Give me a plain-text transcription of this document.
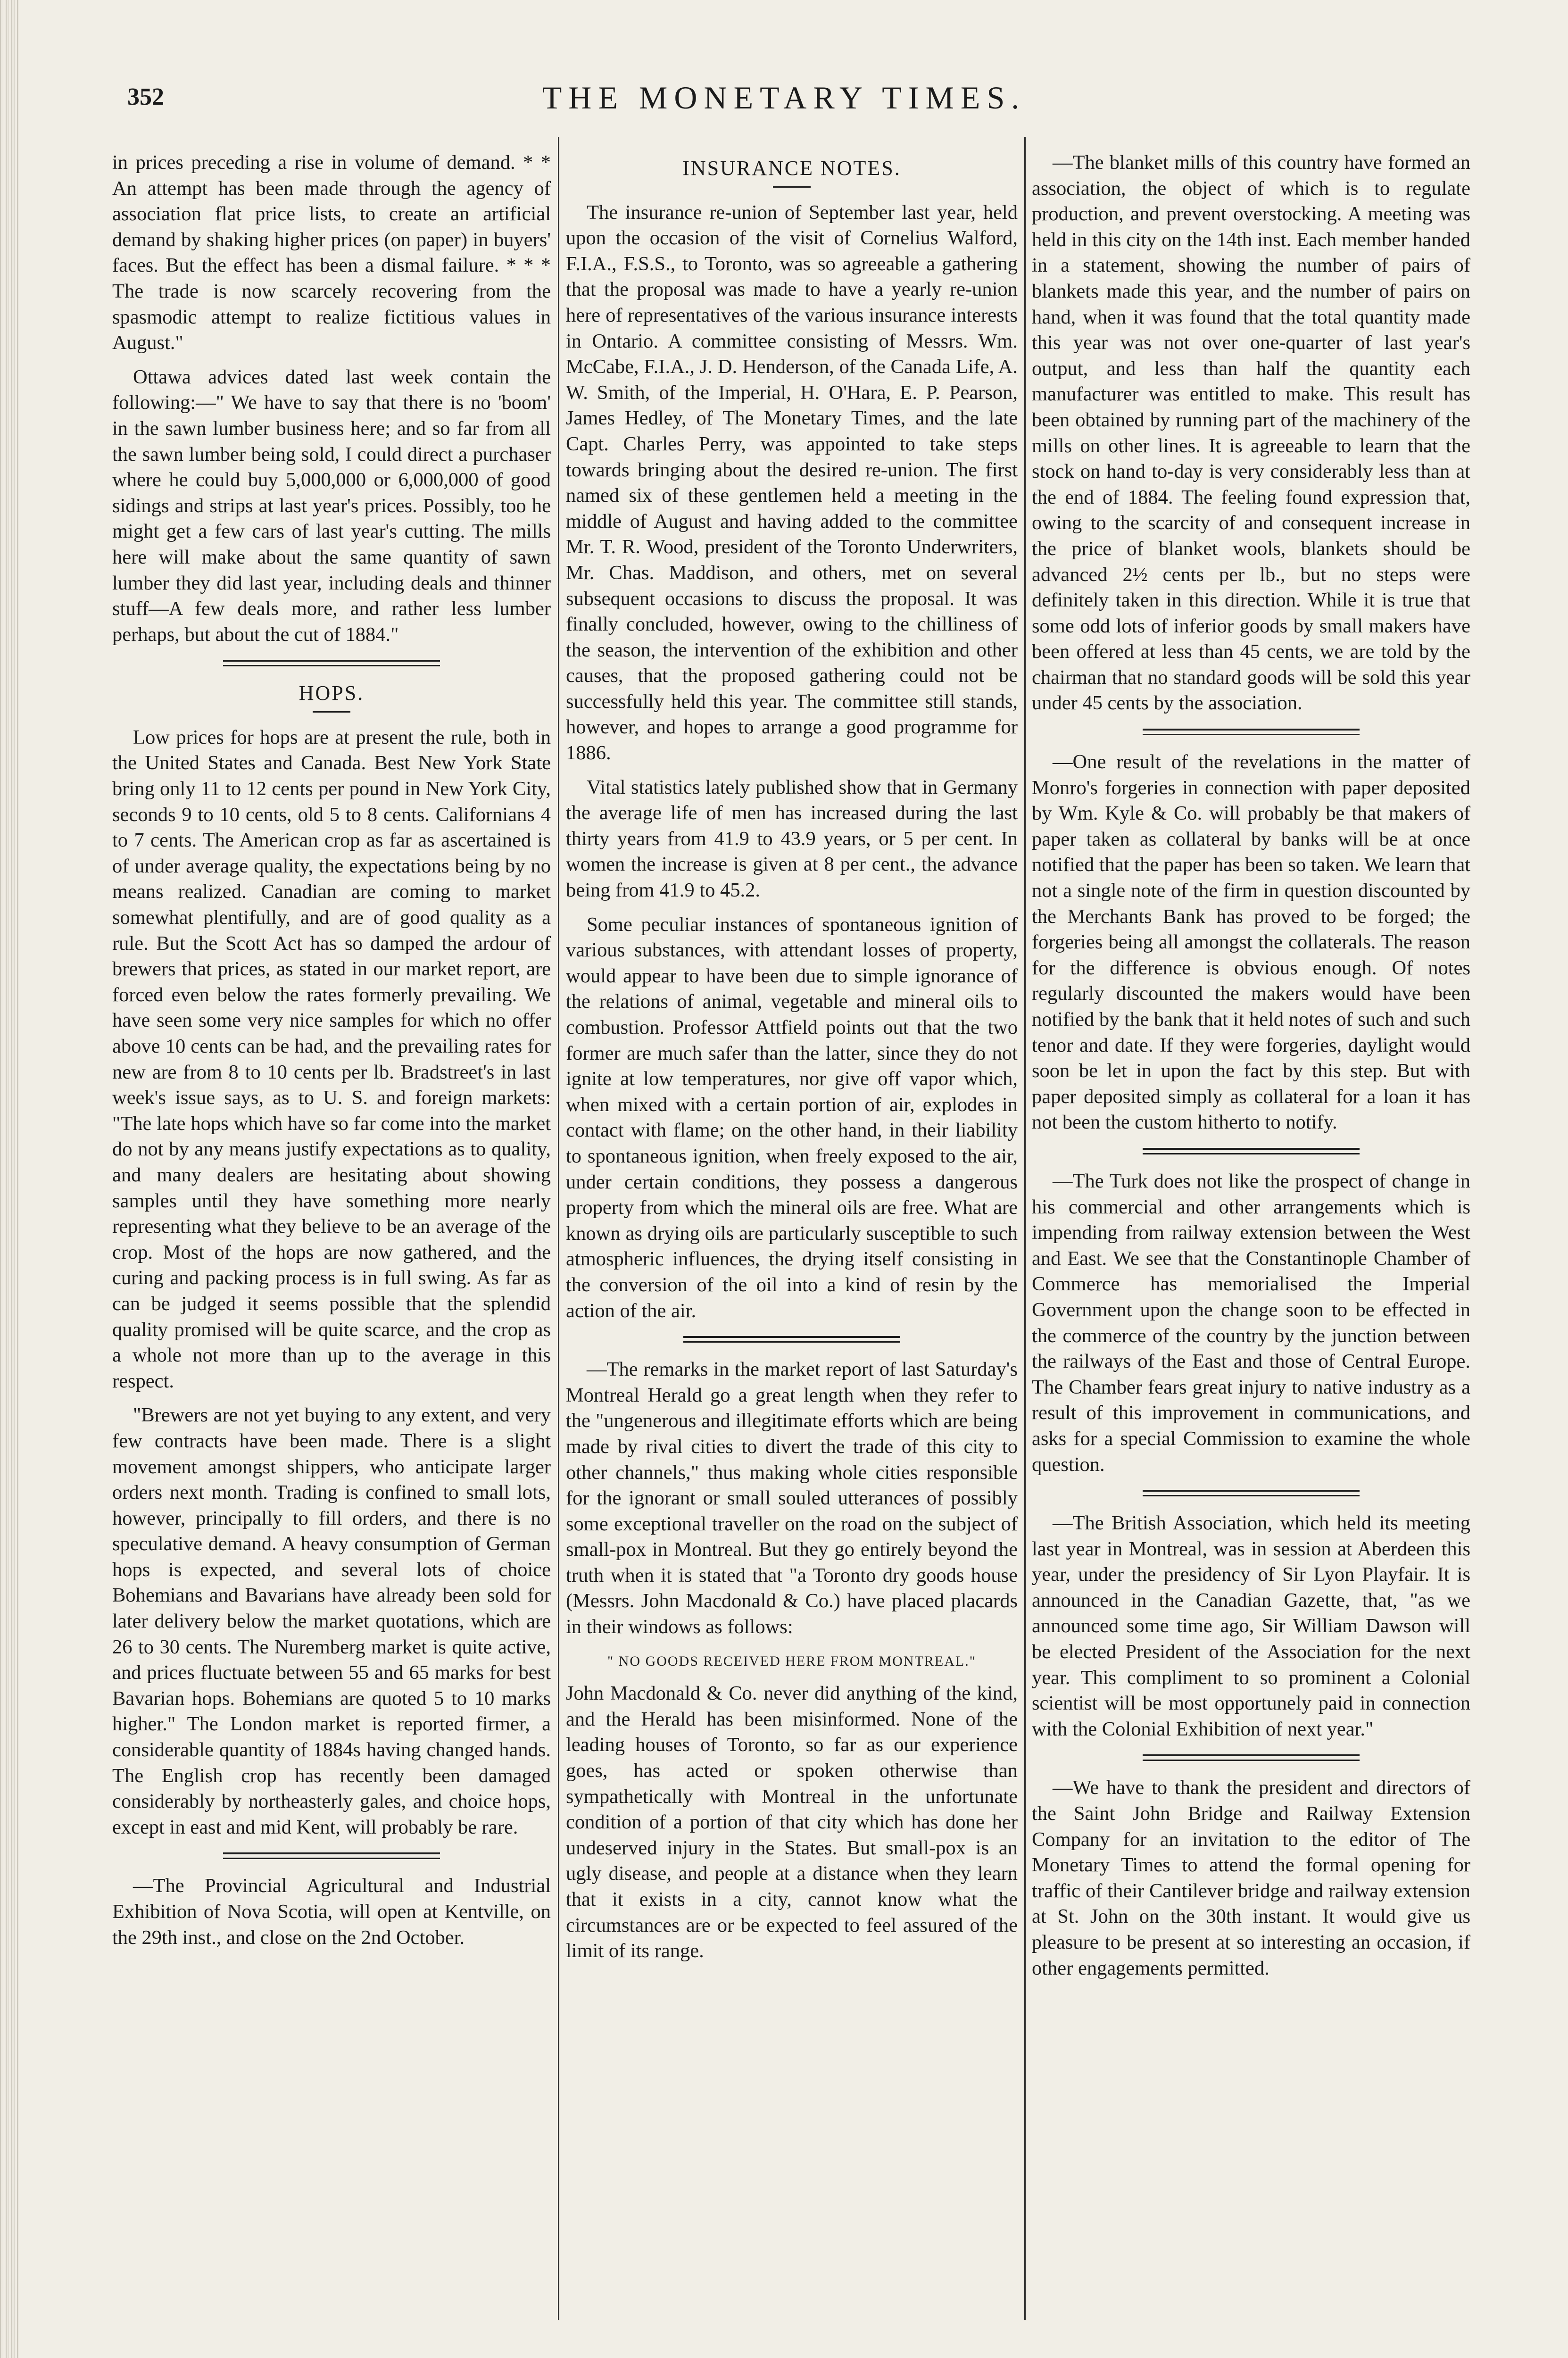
352	THE MONETARY TIMES.

in prices preceding a rise in volume of demand. * * An attempt has been made through the agency of association flat price lists, to create an artificial demand by shaking higher prices (on paper) in buyers' faces. But the effect has been a dismal failure. * * * The trade is now scarcely recovering from the spasmodic attempt to realize fictitious values in August."

Ottawa advices dated last week contain the following:—" We have to say that there is no 'boom' in the sawn lumber business here; and so far from all the sawn lumber being sold, I could direct a purchaser where he could buy 5,000,000 or 6,000,000 of good sidings and strips at last year's prices. Possibly, too he might get a few cars of last year's cutting. The mills here will make about the same quantity of sawn lumber they did last year, including deals and thinner stuff—A few deals more, and rather less lumber perhaps, but about the cut of 1884."

HOPS.

Low prices for hops are at present the rule, both in the United States and Canada. Best New York State bring only 11 to 12 cents per pound in New York City, seconds 9 to 10 cents, old 5 to 8 cents. Californians 4 to 7 cents. The American crop as far as ascertained is of under average quality, the expectations being by no means realized. Canadian are coming to market somewhat plentifully, and are of good quality as a rule. But the Scott Act has so damped the ardour of brewers that prices, as stated in our market report, are forced even below the rates formerly prevailing. We have seen some very nice samples for which no offer above 10 cents can be had, and the prevailing rates for new are from 8 to 10 cents per lb. Bradstreet's in last week's issue says, as to U. S. and foreign markets: "The late hops which have so far come into the market do not by any means justify expectations as to quality, and many dealers are hesitating about showing samples until they have something more nearly representing what they believe to be an average of the crop. Most of the hops are now gathered, and the curing and packing process is in full swing. As far as can be judged it seems possible that the splendid quality promised will be quite scarce, and the crop as a whole not more than up to the average in this respect.

"Brewers are not yet buying to any extent, and very few contracts have been made. There is a slight movement amongst shippers, who anticipate larger orders next month. Trading is confined to small lots, however, principally to fill orders, and there is no speculative demand. A heavy consumption of German hops is expected, and several lots of choice Bohemians and Bavarians have already been sold for later delivery below the market quotations, which are 26 to 30 cents. The Nuremberg market is quite active, and prices fluctuate between 55 and 65 marks for best Bavarian hops. Bohemians are quoted 5 to 10 marks higher." The London market is reported firmer, a considerable quantity of 1884s having changed hands. The English crop has recently been damaged considerably by northeasterly gales, and choice hops, except in east and mid Kent, will probably be rare.

—The Provincial Agricultural and Industrial Exhibition of Nova Scotia, will open at Kentville, on the 29th inst., and close on the 2nd October.

INSURANCE NOTES.

The insurance re-union of September last year, held upon the occasion of the visit of Cornelius Walford, F.I.A., F.S.S., to Toronto, was so agreeable a gathering that the proposal was made to have a yearly re-union here of representatives of the various insurance interests in Ontario. A committee consisting of Messrs. Wm. McCabe, F.I.A., J. D. Henderson, of the Canada Life, A. W. Smith, of the Imperial, H. O'Hara, E. P. Pearson, James Hedley, of The Monetary Times, and the late Capt. Charles Perry, was appointed to take steps towards bringing about the desired re-union. The first named six of these gentlemen held a meeting in the middle of August and having added to the committee Mr. T. R. Wood, president of the Toronto Underwriters, Mr. Chas. Maddison, and others, met on several subsequent occasions to discuss the proposal. It was finally concluded, however, owing to the chilliness of the season, the intervention of the exhibition and other causes, that the proposed gathering could not be successfully held this year. The committee still stands, however, and hopes to arrange a good programme for 1886.

Vital statistics lately published show that in Germany the average life of men has increased during the last thirty years from 41.9 to 43.9 years, or 5 per cent. In women the increase is given at 8 per cent., the advance being from 41.9 to 45.2.

Some peculiar instances of spontaneous ignition of various substances, with attendant losses of property, would appear to have been due to simple ignorance of the relations of animal, vegetable and mineral oils to combustion. Professor Attfield points out that the two former are much safer than the latter, since they do not ignite at low temperatures, nor give off vapor which, when mixed with a certain portion of air, explodes in contact with flame; on the other hand, in their liability to spontaneous ignition, when freely exposed to the air, under certain conditions, they possess a dangerous property from which the mineral oils are free. What are known as drying oils are particularly susceptible to such atmospheric influences, the drying itself consisting in the conversion of the oil into a kind of resin by the action of the air.

—The remarks in the market report of last Saturday's Montreal Herald go a great length when they refer to the "ungenerous and illegitimate efforts which are being made by rival cities to divert the trade of this city to other channels," thus making whole cities responsible for the ignorant or small souled utterances of possibly some exceptional traveller on the road on the subject of small-pox in Montreal. But they go entirely beyond the truth when it is stated that "a Toronto dry goods house (Messrs. John Macdonald & Co.) have placed placards in their windows as follows:

" NO GOODS RECEIVED HERE FROM MONTREAL."

John Macdonald & Co. never did anything of the kind, and the Herald has been misinformed. None of the leading houses of Toronto, so far as our experience goes, has acted or spoken otherwise than sympathetically with Montreal in the unfortunate condition of a portion of that city which has done her undeserved injury in the States. But small-pox is an ugly disease, and people at a distance when they learn that it exists in a city, cannot know what the circumstances are or be expected to feel assured of the limit of its range.

—The blanket mills of this country have formed an association, the object of which is to regulate production, and prevent overstocking. A meeting was held in this city on the 14th inst. Each member handed in a statement, showing the number of pairs of blankets made this year, and the number of pairs on hand, when it was found that the total quantity made this year was not over one-quarter of last year's output, and less than half the quantity each manufacturer was entitled to make. This result has been obtained by running part of the machinery of the mills on other lines. It is agreeable to learn that the stock on hand to-day is very considerably less than at the end of 1884. The feeling found expression that, owing to the scarcity of and consequent increase in the price of blanket wools, blankets should be advanced 2½ cents per lb., but no steps were definitely taken in this direction. While it is true that some odd lots of inferior goods by small makers have been offered at less than 45 cents, we are told by the chairman that no standard goods will be sold this year under 45 cents by the association.

—One result of the revelations in the matter of Monro's forgeries in connection with paper deposited by Wm. Kyle & Co. will probably be that makers of paper taken as collateral by banks will be at once notified that the paper has been so taken. We learn that not a single note of the firm in question discounted by the Merchants Bank has proved to be forged; the forgeries being all amongst the collaterals. The reason for the difference is obvious enough. Of notes regularly discounted the makers would have been notified by the bank that it held notes of such and such tenor and date. If they were forgeries, daylight would soon be let in upon the fact by this step. But with paper deposited simply as collateral for a loan it has not been the custom hitherto to notify.

—The Turk does not like the prospect of change in his commercial and other arrangements which is impending from railway extension between the West and East. We see that the Constantinople Chamber of Commerce has memorialised the Imperial Government upon the change soon to be effected in the commerce of the country by the junction between the railways of the East and those of Central Europe. The Chamber fears great injury to native industry as a result of this improvement in communications, and asks for a special Commission to examine the whole question.

—The British Association, which held its meeting last year in Montreal, was in session at Aberdeen this year, under the presidency of Sir Lyon Playfair. It is announced in the Canadian Gazette, that, "as we announced some time ago, Sir William Dawson will be elected President of the Association for the next year. This compliment to so prominent a Colonial scientist will be most opportunely paid in connection with the Colonial Exhibition of next year."

—We have to thank the president and directors of the Saint John Bridge and Railway Extension Company for an invitation to the editor of The Monetary Times to attend the formal opening for traffic of their Cantilever bridge and railway extension at St. John on the 30th instant. It would give us pleasure to be present at so interesting an occasion, if other engagements permitted.
